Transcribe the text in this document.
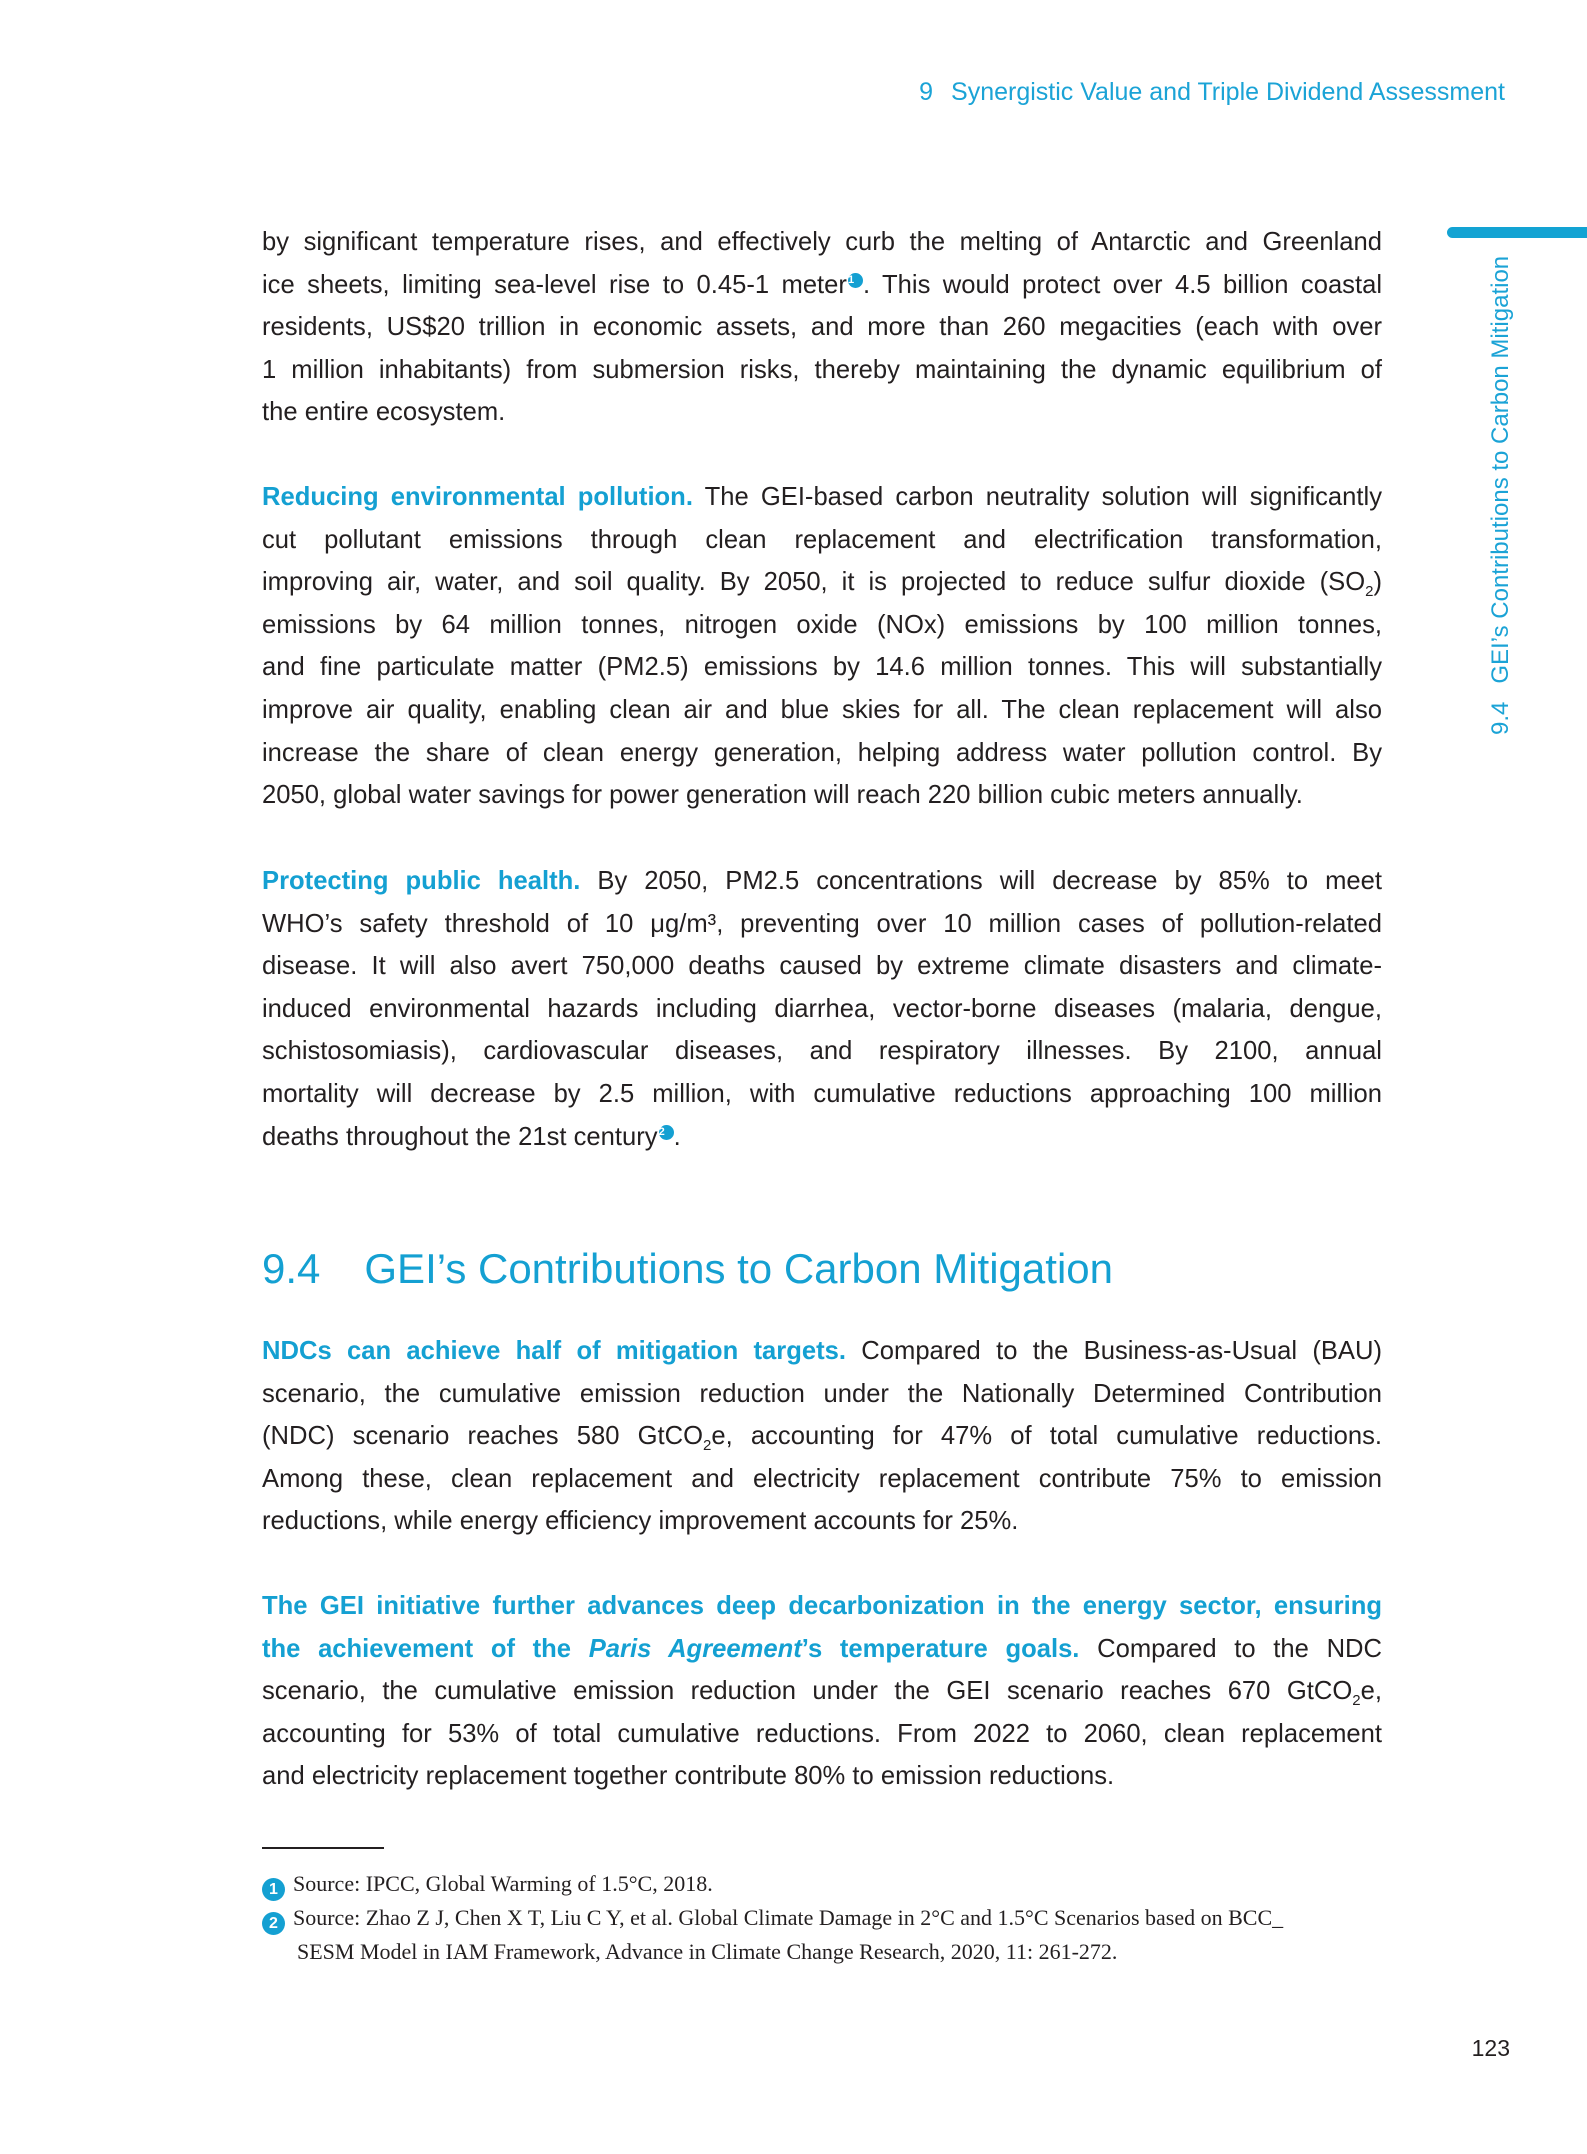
9 Synergistic Value and Triple Dividend Assessment
9.4GEI’s Contributions to Carbon Mitigation
by significant temperature rises, and effectively curb the melting of Antarctic and Greenland
ice sheets, limiting sea-level rise to 0.45-1 meter1 . This would protect over 4.5 billion coastal
residents, US$20 trillion in economic assets, and more than 260 megacities (each with over
1 million inhabitants) from submersion risks, thereby maintaining the dynamic equilibrium of
the entire ecosystem.
Reducing environmental pollution. The GEI-based carbon neutrality solution will significantly
cut pollutant emissions through clean replacement and electrification transformation,
improving air, water, and soil quality. By 2050, it is projected to reduce sulfur dioxide $(SO_2)$
emissions by 64 million tonnes, nitrogen oxide (NOx) emissions by 100 million tonnes,
and fine particulate matter (PM2.5) emissions by 14.6 million tonnes. This will substantially
improve air quality, enabling clean air and blue skies for all. The clean replacement will also
increase the share of clean energy generation, helping address water pollution control. By
2050, global water savings for power generation will reach 220 billion cubic meters annually.
Protecting public health. By 2050, PM2.5 concentrations will decrease by 85% to meet
WHO’s safety threshold of 10 μg/m³, preventing over 10 million cases of pollution-related
disease. It will also avert 750,000 deaths caused by extreme climate disasters and climate-
induced environmental hazards including diarrhea, vector-borne diseases (malaria, dengue,
schistosomiasis), cardiovascular diseases, and respiratory illnesses. By 2100, annual
mortality will decrease by 2.5 million, with cumulative reductions approaching 100 million
deaths throughout the 21st century2 .
9.4 GEI’s Contributions to Carbon Mitigation
NDCs can achieve half of mitigation targets. Compared to the Business-as-Usual (BAU)
scenario, the cumulative emission reduction under the Nationally Determined Contribution
(NDC) scenario reaches 580 GtCO$_2$e, accounting for 47% of total cumulative reductions.
Among these, clean replacement and electricity replacement contribute 75% to emission
reductions, while energy efficiency improvement accounts for 25%.
The GEI initiative further advances deep decarbonization in the energy sector, ensuring
the achievement of the Paris Agreement’s temperature goals. Compared to the NDC
scenario, the cumulative emission reduction under the GEI scenario reaches 670 GtCO$_2$e,
accounting for 53% of total cumulative reductions. From 2022 to 2060, clean replacement
and electricity replacement together contribute 80% to emission reductions.
1 Source: IPCC, Global Warming of 1.5°C, 2018.
2 Source: Zhao Z J, Chen X T, Liu C Y, et al. Global Climate Damage in 2°C and 1.5°C Scenarios based on BCC_
SESM Model in IAM Framework, Advance in Climate Change Research, 2020, 11: 261-272.
123
